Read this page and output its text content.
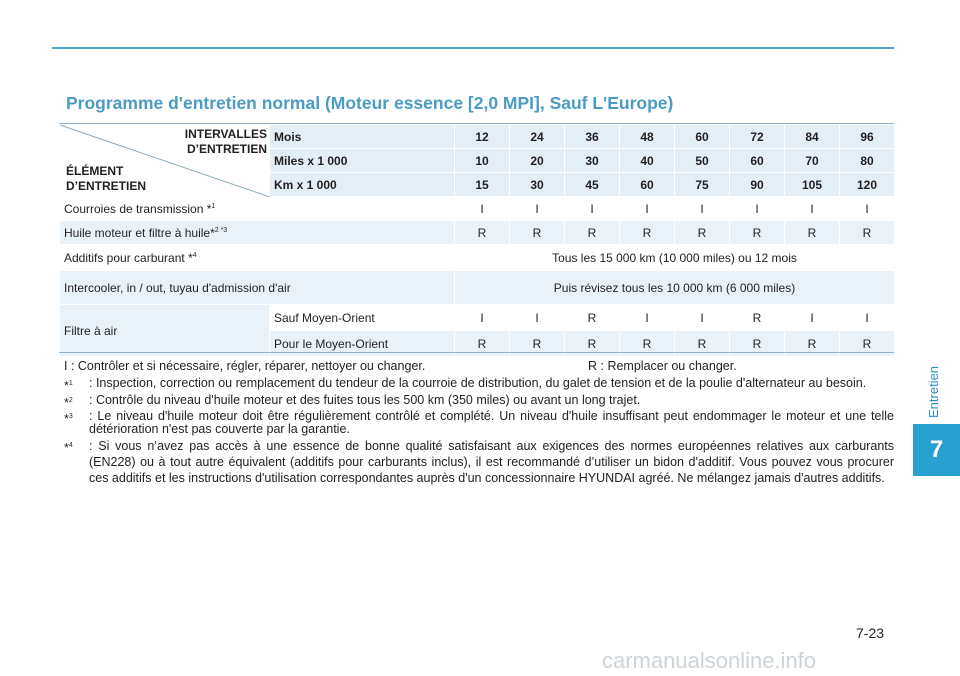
Entretien
7
Programme d'entretien normal (Moteur essence [2,0 MPI], Sauf L'Europe)
INTERVALLES
D’ENTRETIEN
ÉLÉMENT
D’ENTRETIEN	Mois	12	24	36	48	60	72	84	96
	Miles x 1 000	10	20	30	40	50	60	70	80
	Km x 1 000	15	30	45	60	75	90	105	120
Courroies de transmission *$^1$		I	I	I	I	I	I	I	I
Huile moteur et filtre à huile*$^{2 *3}$		R	R	R	R	R	R	R	R
Additifs pour carburant *$^4$		Tous les 15 000 km (10 000 miles) ou 12 mois							
Intercooler, in / out, tuyau d'admission d'air		Puis révisez tous les 10 000 km (6 000 miles)							
Filtre à air	Sauf Moyen-Orient	I	I	R	I	I	R	I	I
	Pour le Moyen-Orient	R	R	R	R	R	R	R	R
I : Contrôler et si nécessaire, régler, réparer, nettoyer ou changer.	R : Remplacer ou changer.
*$^1$ : Inspection, correction ou remplacement du tendeur de la courroie de distribution, du galet de tension et de la poulie d'alternateur au besoin.
*$^2$ : Contrôle du niveau d'huile moteur et des fuites tous les 500 km (350 miles) ou avant un long trajet.
*$^3$ : Le niveau d'huile moteur doit être régulièrement contrôlé et complété. Un niveau d'huile insuffisant peut endommager le moteur et une telle détérioration n'est pas couverte par la garantie.
*$^4$ : Si vous n’avez pas accès à une essence de bonne qualité satisfaisant aux exigences des normes européennes relatives aux carburants (EN228) ou à tout autre équivalent (additifs pour carburants inclus), il est recommandé d’utiliser un bidon d'additif. Vous pouvez vous procurer ces additifs et les instructions d'utilisation correspondantes auprès d'un concessionnaire HYUNDAI agréé. Ne mélangez jamais d'autres additifs.
7-23
carmanualsonline.info
